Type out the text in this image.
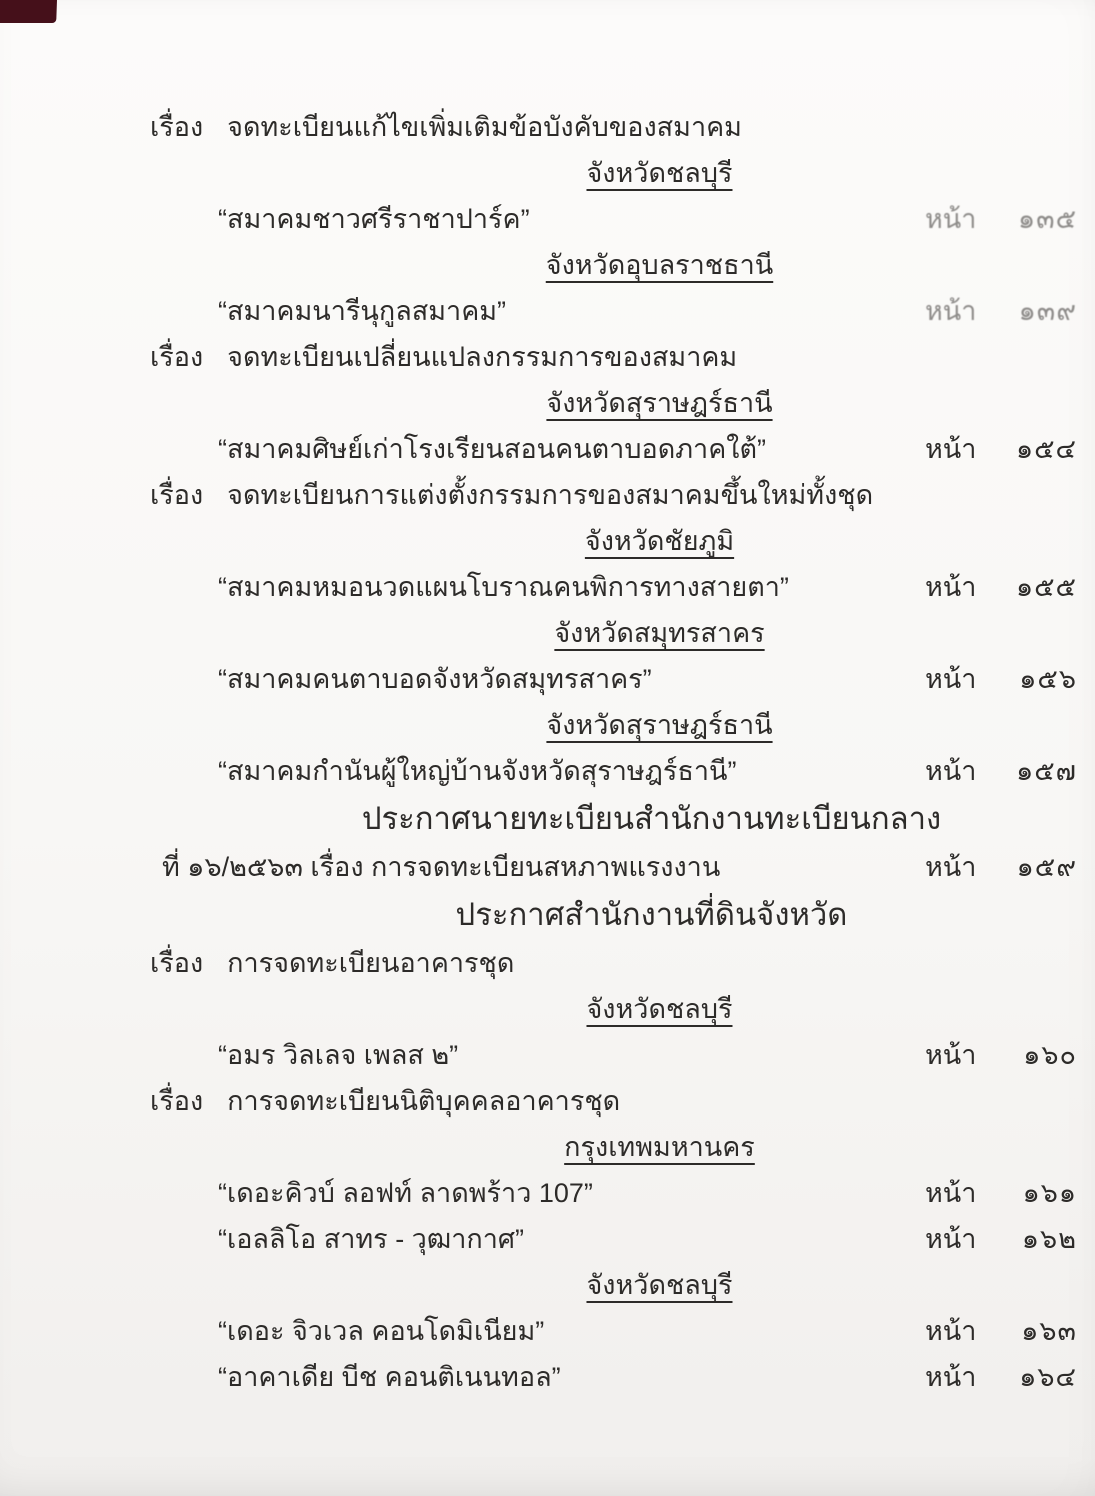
เรื่อง จดทะเบียนแก้ไขเพิ่มเติมข้อบังคับของสมาคม
จังหวัดชลบุรี
“สมาคมชาวศรีราชาปาร์ค”	หน้า ๑๓๕
จังหวัดอุบลราชธานี
“สมาคมนารีนุกูลสมาคม”	หน้า ๑๓๙
เรื่อง จดทะเบียนเปลี่ยนแปลงกรรมการของสมาคม
จังหวัดสุราษฎร์ธานี
“สมาคมศิษย์เก่าโรงเรียนสอนคนตาบอดภาคใต้”	หน้า ๑๕๔
เรื่อง จดทะเบียนการแต่งตั้งกรรมการของสมาคมขึ้นใหม่ทั้งชุด
จังหวัดชัยภูมิ
“สมาคมหมอนวดแผนโบราณคนพิการทางสายตา”	หน้า ๑๕๕
จังหวัดสมุทรสาคร
“สมาคมคนตาบอดจังหวัดสมุทรสาคร”	หน้า ๑๕๖
จังหวัดสุราษฎร์ธานี
“สมาคมกำนันผู้ใหญ่บ้านจังหวัดสุราษฎร์ธานี”	หน้า ๑๕๗
ประกาศนายทะเบียนสำนักงานทะเบียนกลาง
ที่ ๑๖/๒๕๖๓ เรื่อง การจดทะเบียนสหภาพแรงงาน	หน้า ๑๕๙
ประกาศสำนักงานที่ดินจังหวัด
เรื่อง การจดทะเบียนอาคารชุด
จังหวัดชลบุรี
“อมร วิลเลจ เพลส ๒”	หน้า ๑๖๐
เรื่อง การจดทะเบียนนิติบุคคลอาคารชุด
กรุงเทพมหานคร
“เดอะคิวบ์ ลอฟท์ ลาดพร้าว 107”	หน้า ๑๖๑
“เอลลิโอ สาทร - วุฒากาศ”	หน้า ๑๖๒
จังหวัดชลบุรี
“เดอะ จิวเวล คอนโดมิเนียม”	หน้า ๑๖๓
“อาคาเดีย บีช คอนติเนนทอล”	หน้า ๑๖๔
